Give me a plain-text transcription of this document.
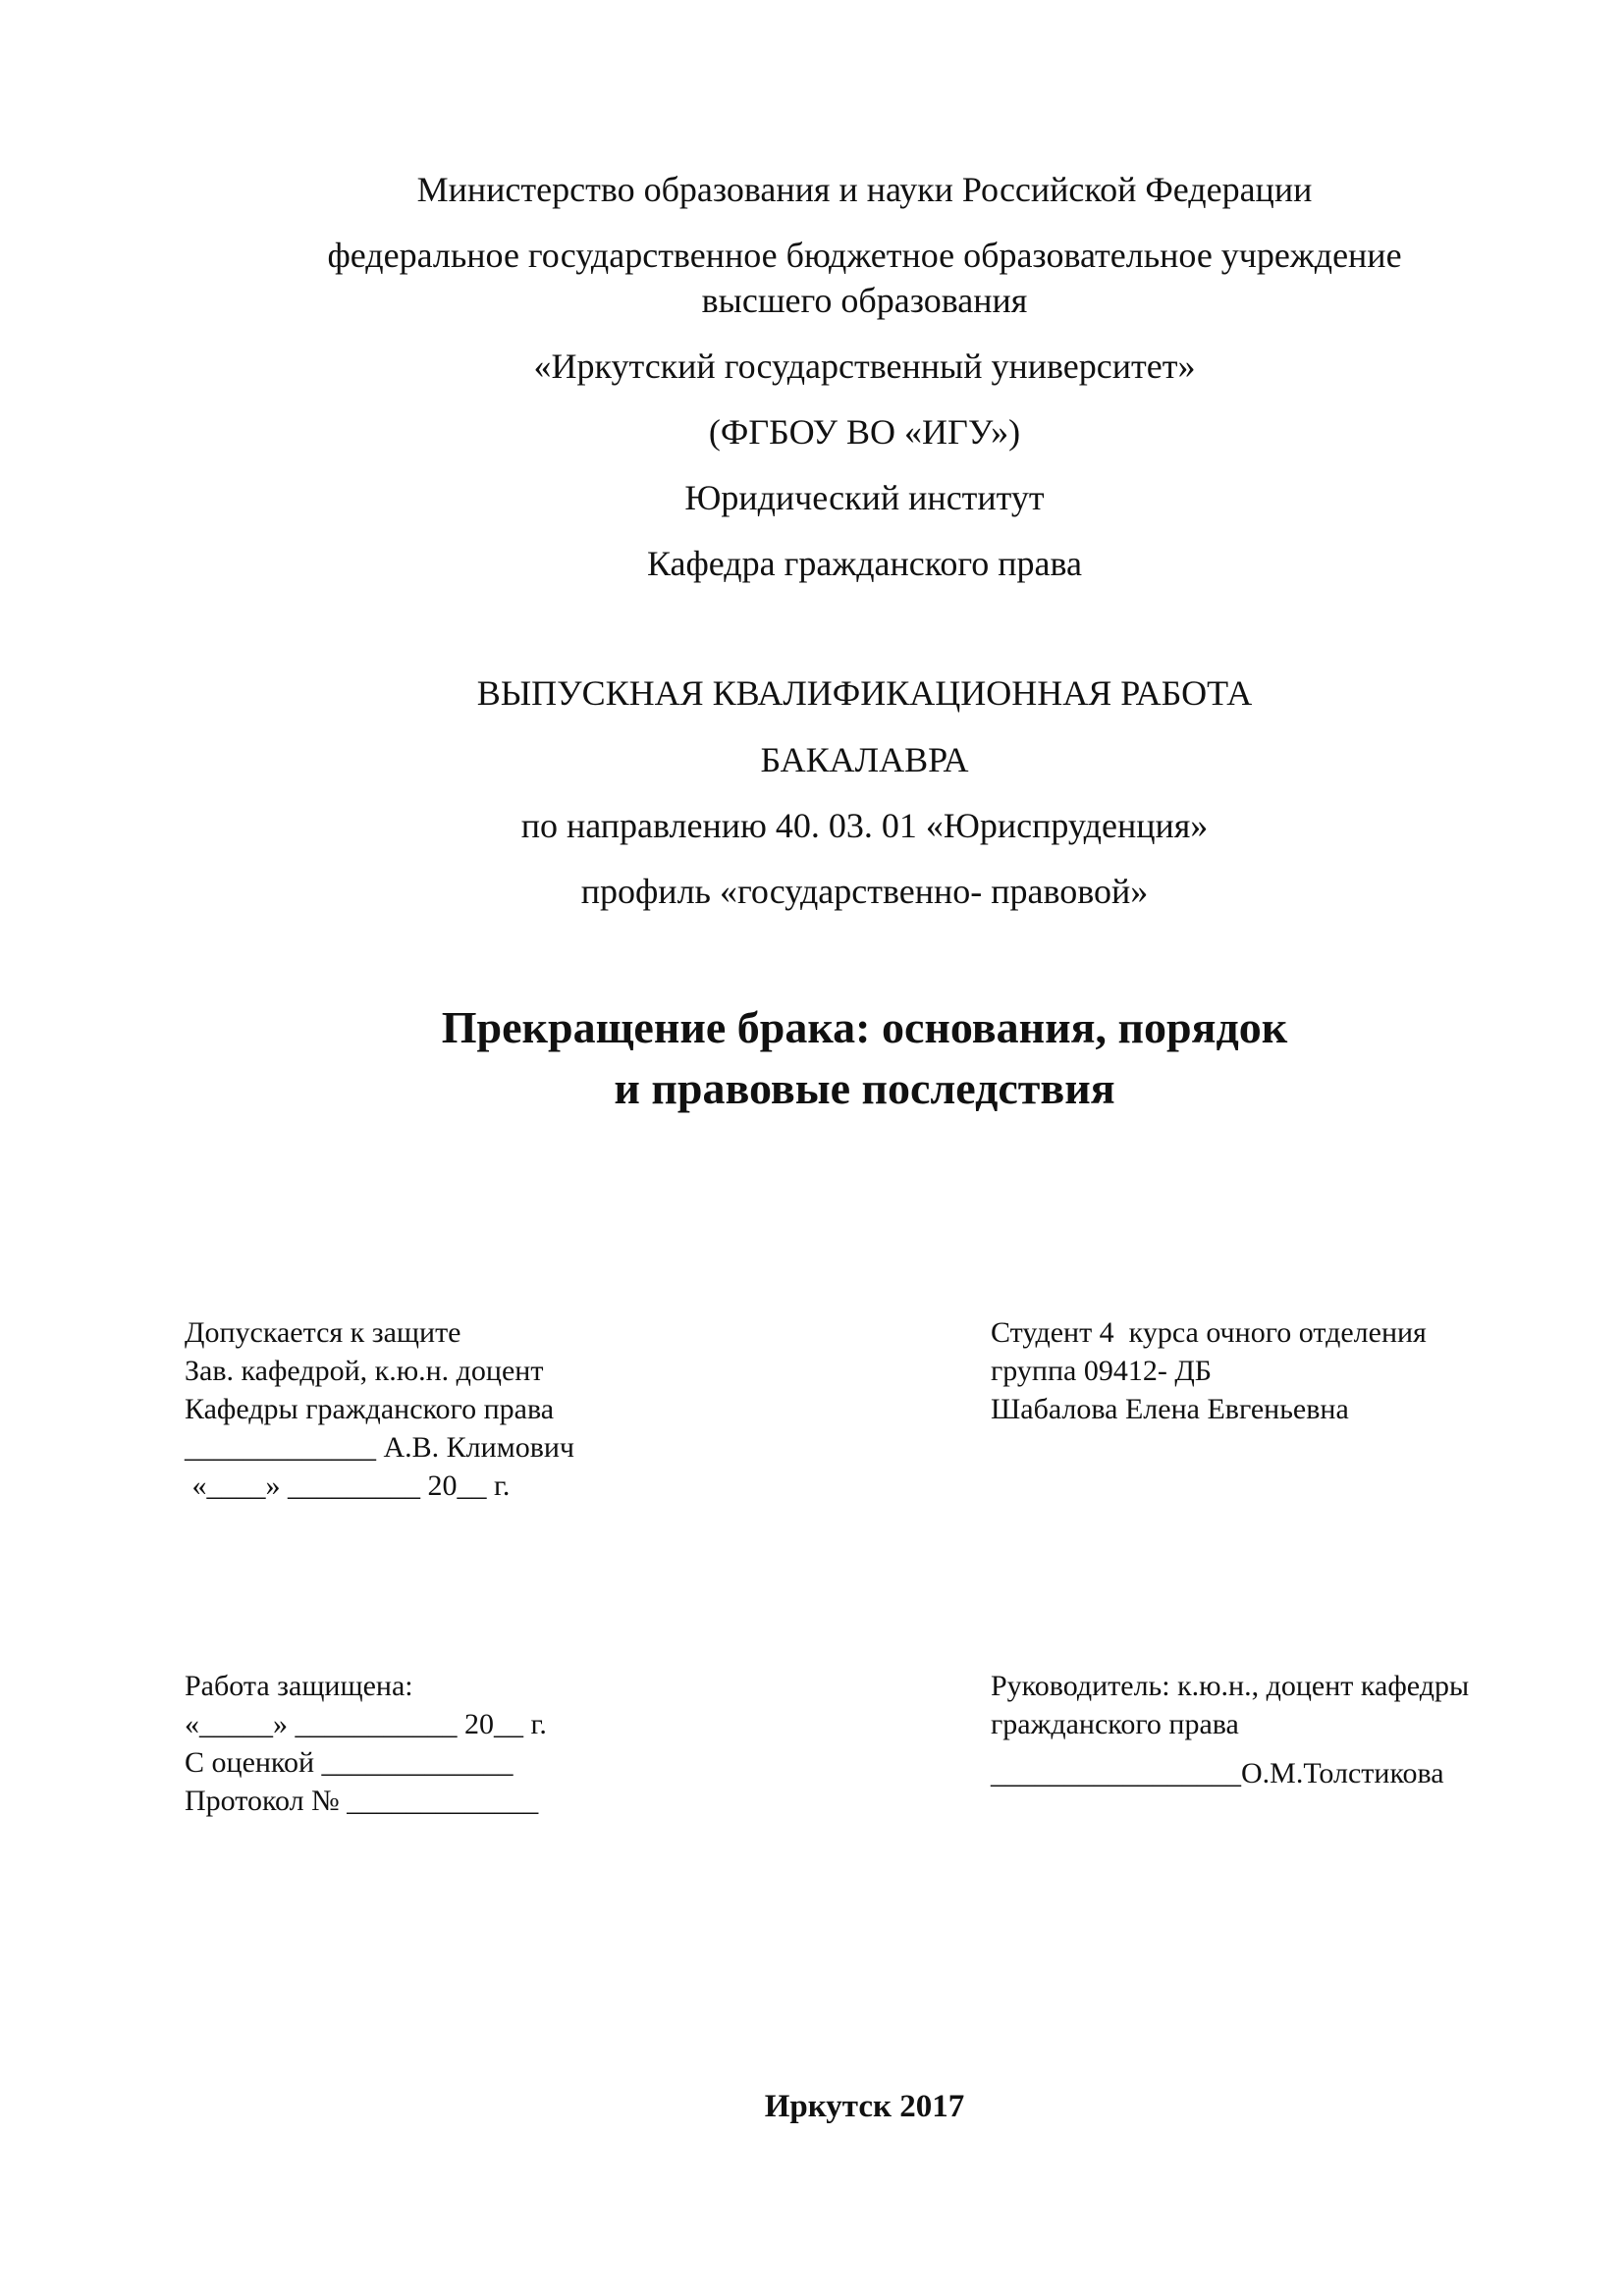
Министерство образования и науки Российской Федерации
федеральное государственное бюджетное образовательное учреждение
высшего образования
«Иркутский государственный университет»
(ФГБОУ ВО «ИГУ»)
Юридический институт
Кафедра гражданского права
ВЫПУСКНАЯ КВАЛИФИКАЦИОННАЯ РАБОТА
БАКАЛАВРА
по направлению 40. 03. 01 «Юриспруденция»
профиль «государственно- правовой»
Прекращение брака: основания, порядок
и правовые последствия
Допускается к защите
Зав. кафедрой, к.ю.н. доцент
Кафедры гражданского права
_____________ А.В. Климович
«____» _________ 20__ г.
Студент 4  курса очного отделения
группа 09412- ДБ
Шабалова Елена Евгеньевна
Работа защищена:
«_____» ___________ 20__ г.
С оценкой _____________
Протокол № _____________
Руководитель: к.ю.н., доцент кафедры
гражданского права
_________________О.М.Толстикова
Иркутск 2017
